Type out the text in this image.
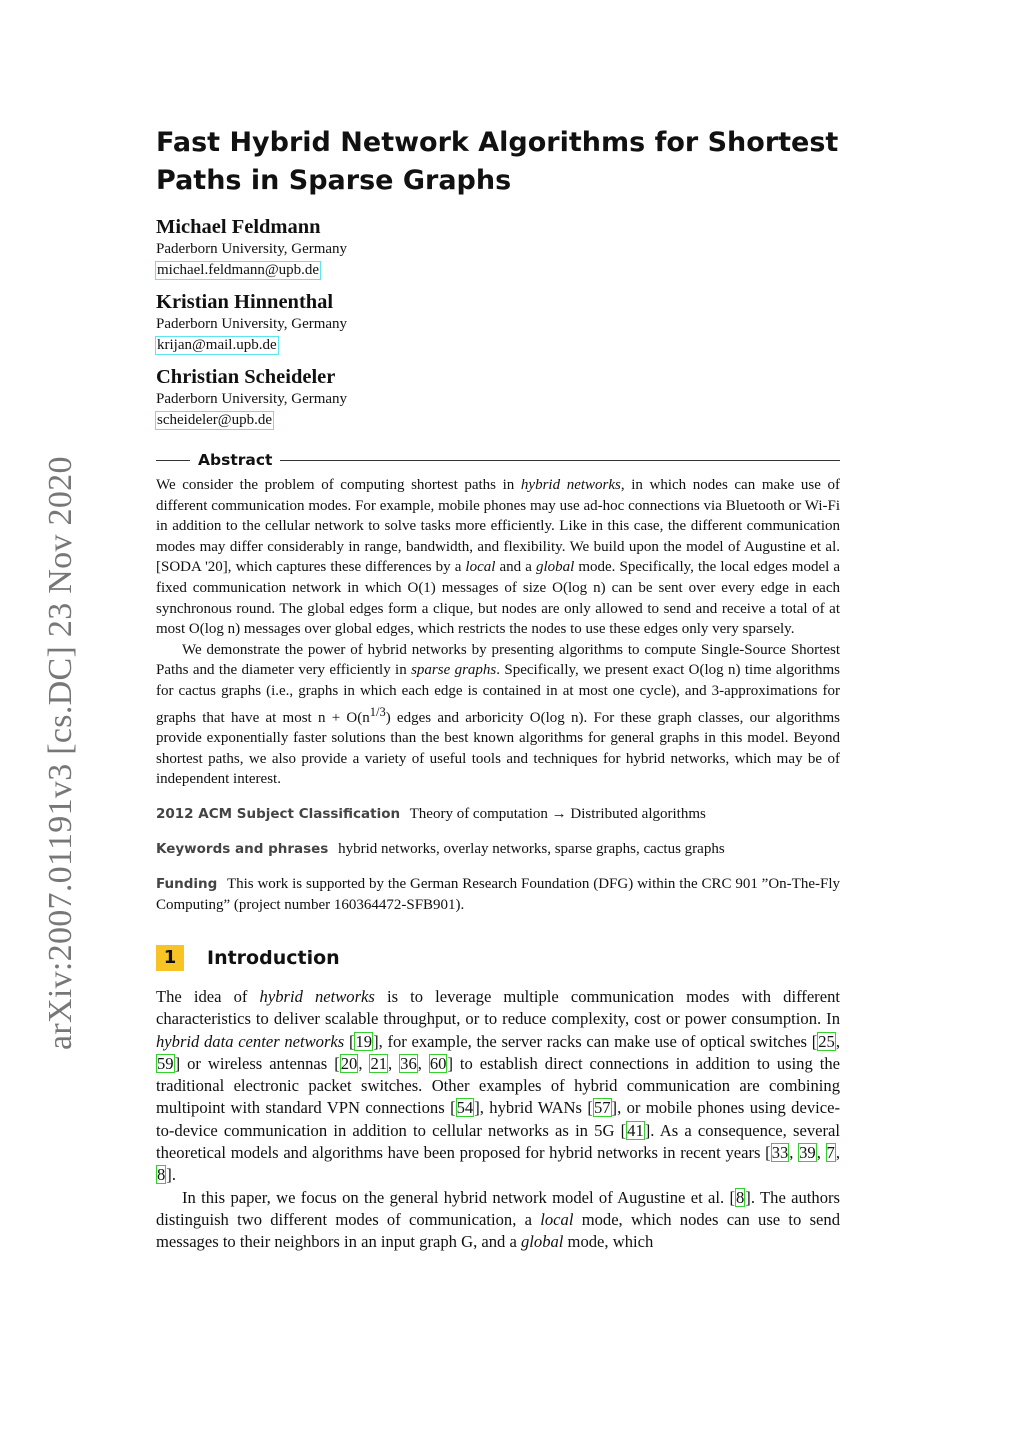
arXiv:2007.01191v3 [cs.DC] 23 Nov 2020
Fast Hybrid Network Algorithms for Shortest
Paths in Sparse Graphs
Michael Feldmann
Paderborn University, Germany
michael.feldmann@upb.de
Kristian Hinnenthal
Paderborn University, Germany
krijan@mail.upb.de
Christian Scheideler
Paderborn University, Germany
scheideler@upb.de
Abstract

We consider the problem of computing shortest paths in hybrid networks, in which nodes can make use of different communication modes. For example, mobile phones may use ad-hoc connections via Bluetooth or Wi-Fi in addition to the cellular network to solve tasks more efficiently. Like in this case, the different communication modes may differ considerably in range, bandwidth, and flexibility. We build upon the model of Augustine et al. [SODA '20], which captures these differences by a local and a global mode. Specifically, the local edges model a fixed communication network in which O(1) messages of size O(log n) can be sent over every edge in each synchronous round. The global edges form a clique, but nodes are only allowed to send and receive a total of at most O(log n) messages over global edges, which restricts the nodes to use these edges only very sparsely.

We demonstrate the power of hybrid networks by presenting algorithms to compute Single-Source Shortest Paths and the diameter very efficiently in sparse graphs. Specifically, we present exact O(log n) time algorithms for cactus graphs (i.e., graphs in which each edge is contained in at most one cycle), and 3-approximations for graphs that have at most $n + O(n^{1/3})$ edges and arboricity O(log n). For these graph classes, our algorithms provide exponentially faster solutions than the best known algorithms for general graphs in this model. Beyond shortest paths, we also provide a variety of useful tools and techniques for hybrid networks, which may be of independent interest.

2012 ACM Subject Classification Theory of computation → Distributed algorithms
Keywords and phrases hybrid networks, overlay networks, sparse graphs, cactus graphs
Funding This work is supported by the German Research Foundation (DFG) within the CRC 901 ”On-The-Fly Computing” (project number 160364472-SFB901).
1	Introduction

The idea of hybrid networks is to leverage multiple communication modes with different characteristics to deliver scalable throughput, or to reduce complexity, cost or power consumption. In hybrid data center networks [19], for example, the server racks can make use of optical switches [25, 59] or wireless antennas [20, 21, 36, 60] to establish direct connections in addition to using the traditional electronic packet switches. Other examples of hybrid communication are combining multipoint with standard VPN connections [54], hybrid WANs [57], or mobile phones using device-to-device communication in addition to cellular networks as in 5G [41]. As a consequence, several theoretical models and algorithms have been proposed for hybrid networks in recent years [33, 39, 7, 8].

In this paper, we focus on the general hybrid network model of Augustine et al. [8]. The authors distinguish two different modes of communication, a local mode, which nodes can use to send messages to their neighbors in an input graph G, and a global mode, which
